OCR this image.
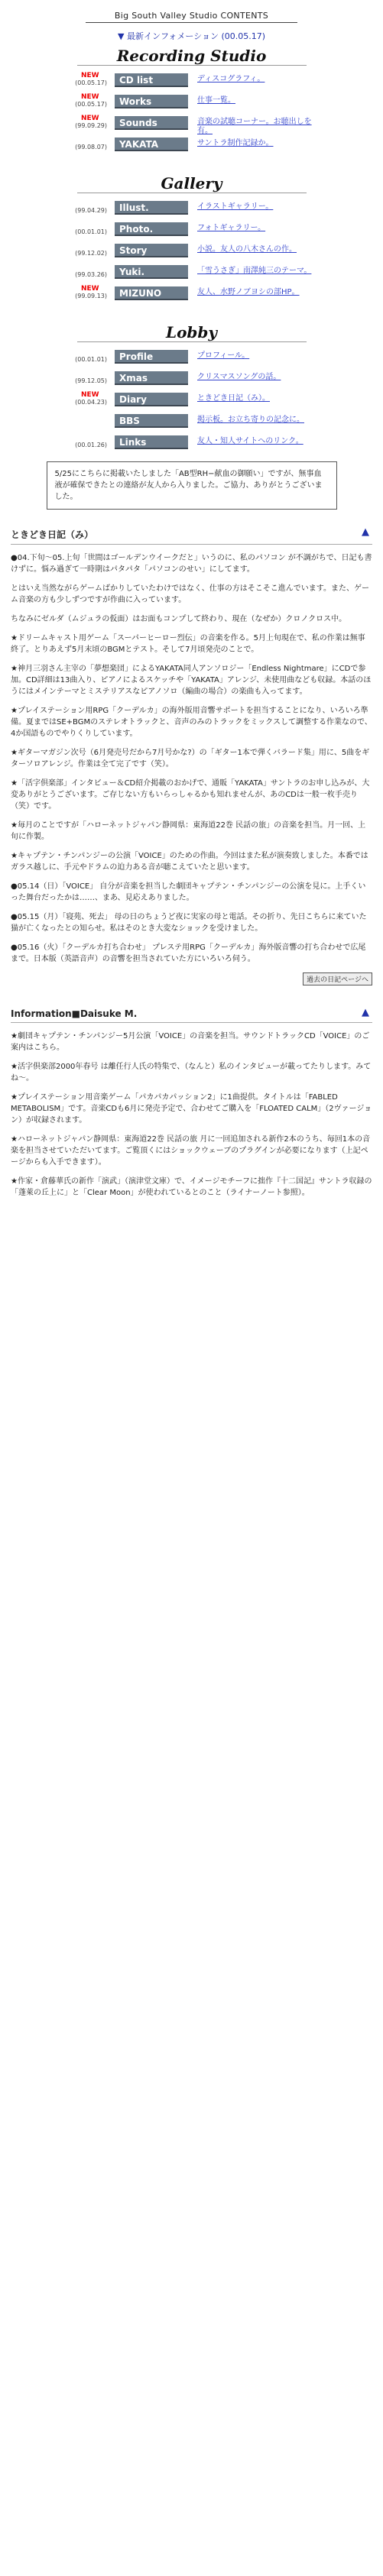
Big South Valley Studio CONTENTS
▼ 最新インフォメーション (00.05.17)
Recording Studio
NEW
(00.05.17)	CD list	ディスコグラフィ。
NEW
(00.05.17)	Works	仕事一覧。
NEW
(99.09.29)	Sounds	音楽の試聴コーナー。お聴出しを有。
(99.08.07)	YAKATA	サントラ制作記録か。
Gallery
(99.04.29)	Illust.	イラストギャラリー。
(00.01.01)	Photo.	フォトギャラリー。
(99.12.02)	Story	小説。友人の八木さんの作。
(99.03.26)	Yuki.	「雪うさぎ」南澤純三のテーマ。
NEW
(99.09.13)	MIZUNO	友人、水野ノブヨシの部HP。
Lobby
(00.01.01)	Profile	プロフィール。
(99.12.05)	Xmas	クリスマスソングの話。
NEW
(00.04.23)	Diary	ときどき日記（み）。
BBS	掲示板。お立ち寄りの記念に。
(00.01.26)	Links	友人・知人サイトへのリンク。
5/25にこちらに掲載いたしました「AB型RH−献血の御願い」ですが、無事血液が確保できたとの連絡が友人から入りました。ご協力、ありがとうございました。
ときどき日記（み）	▲

●04.下旬〜05.上旬「世間はゴールデンウイークだと」いうのに、私のパソコン が不調がちで、日記も書けずに。悩み過ぎて一時期はパタパタ「パソコンのせい」にしてます。

とはいえ当然ながらゲームばかりしていたわけではなく、仕事の方はそこそこ進んでいます。また、ゲーム音楽の方も少しずつですが作曲に入っています。

ちなみにゼルダ（ムジュラの仮面）はお面もコンプして終わり、現在（なぜか）クロノクロス中。

★ドリームキャスト用ゲーム「スーパーヒーロー烈伝」の音楽を作る。5月上旬現在で、私の作業は無事終了。とりあえず5月末頃のBGMとテスト。そして7月頃発売のことで。

★神月三羽さん主宰の「夢想楽団」によるYAKATA同人アンソロジー「Endless Nightmare」にCDで参加。CD詳細は13曲入り、ピアノによるスケッチや「YAKATA」アレンジ、未使用曲なども収録。本話のほうにはメインテーマとミステリアスなピアノソロ（編曲の場合）の楽曲も入ってます。

★プレイステーション用RPG「クーデルカ」の海外版用音響サポートを担当することになり、いろいろ準備。夏まではSE+BGMのステレオトラックと、音声のみのトラックをミックスして調整する作業なので、4か国語ものでやりくりしています。

★ギターマガジン次号（6月発売号だから7月号かな?）の「ギター1本で弾くバラード集」用に、5曲をギターソロアレンジ。作業は全て完了です（笑）。

★「活字倶楽部」インタビュー＆CD紹介掲載のおかげで、通販「YAKATA」サントラのお申し込みが、大変ありがとうございます。ご存じない方もいらっしゃるかも知れませんが、あのCDは一般一枚手売り（笑）です。

★毎月のことですが「ハローネットジャパン静岡県：東海道22巻 民話の旅」の音楽を担当。月一回、上旬に作製。

★キャプテン・チンパンジーの公演「VOICE」のための作曲。今回はまた私が演奏致しました。本番ではガラス越しに、手元やドラムの迫力ある音が聴こえていたと思います。

●05.14（日）「VOICE」 自分が音楽を担当した劇団キャプテン・チンパンジーの公演を見に。上手くいった舞台だったかは……、まあ、見応えありました。

●05.15（月）「寝苑、死去」 母の日のちょうど夜に実家の母と電話。その折り、先日こちらに来ていた猫が亡くなったとの知らせ。私はそのとき大変なショックを受けました。

●05.16（火）「クーデルカ打ち合わせ」 プレステ用RPG「クーデルカ」海外版音響の打ち合わせで広尾まで。日本版（英語音声）の音響を担当されていた方にいろいろ伺う。

過去の日記ページへ
Information■Daisuke M.	▲

★劇団キャプテン・チンパンジー5月公演「VOICE」の音楽を担当。サウンドトラックCD「VOICE」のご案内はこちら。

★活字倶楽部2000年春号 は離任行人氏の特集で、（なんと）私のインタビューが載ってたりします。みてね〜。

★プレイステーション用音楽ゲーム「パカパカパッション2」に1曲提供。タイトルは「FABLED METABOLISM」です。音楽CDも6月に発売予定で、合わせてご購入を「FLOATED CALM」（2ヴァージョン）が収録されます。

★ハローネットジャパン静岡県：東海道22巻 民話の旅 月に一回追加される新作2本のうち、毎回1本の音楽を担当させていただいてます。ご覧頂くにはショックウェーブのプラグインが必要になります（上記ページからも入手できます）。

★作家・倉藤華氏の新作「演武」（演津堂文庫）で、イメージモチーフに拙作『十二国記』サントラ収録の「蓬萊の丘上に」と「Clear Moon」が使われているとのこと（ライナーノート参照）。
